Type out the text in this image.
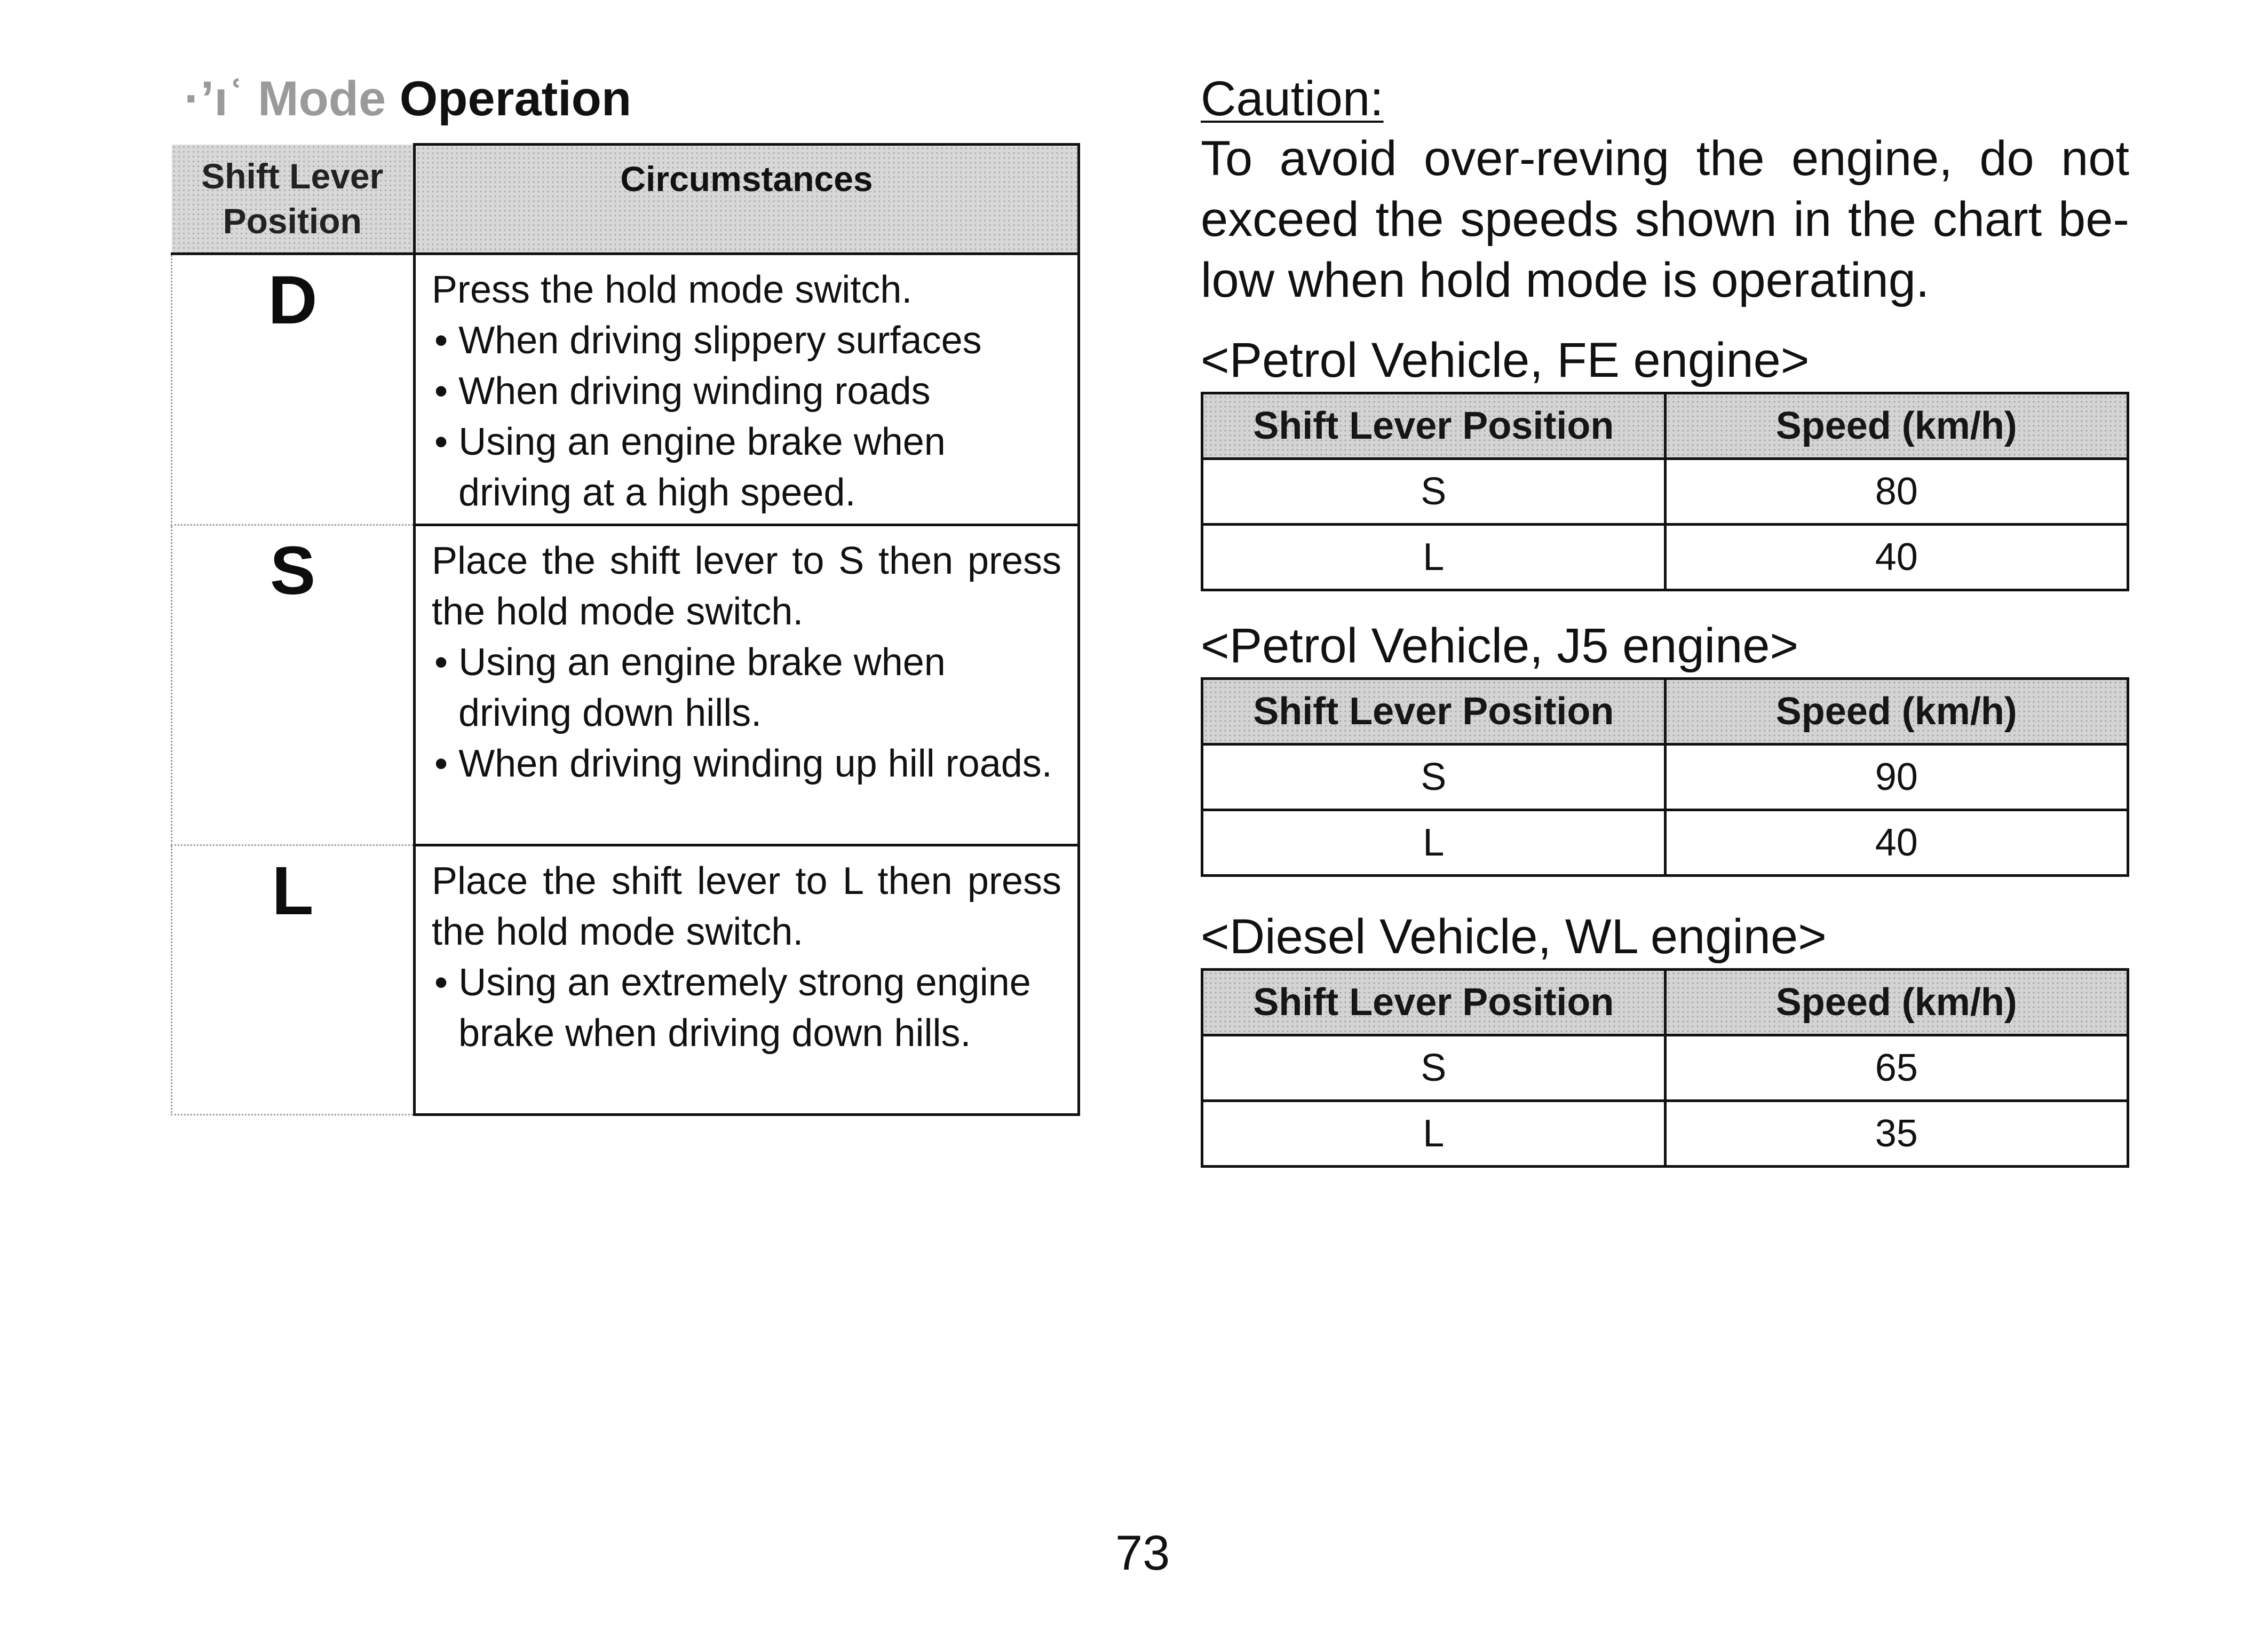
·’ıʿ Mode Operation
Shift Lever Position	Circumstances
D	Press the hold mode switch.
• When driving slippery surfaces
• When driving winding roads
• Using an engine brake when driving at a high speed.

S	Place the shift lever to S then press the hold mode switch.
• Using an engine brake when driving down hills.
• When driving winding up hill roads.

L	Place the shift lever to L then press the hold mode switch.
• Using an extremely strong engine brake when driving down hills.
Caution:
To avoid over-reving the engine, do not exceed the speeds shown in the chart be-low when hold mode is operating.
<Petrol Vehicle, FE engine>
Shift Lever Position	Speed (km/h)
S	80
L	40
<Petrol Vehicle, J5 engine>
Shift Lever Position	Speed (km/h)
S	90
L	40
<Diesel Vehicle, WL engine>
Shift Lever Position	Speed (km/h)
S	65
L	35
73
